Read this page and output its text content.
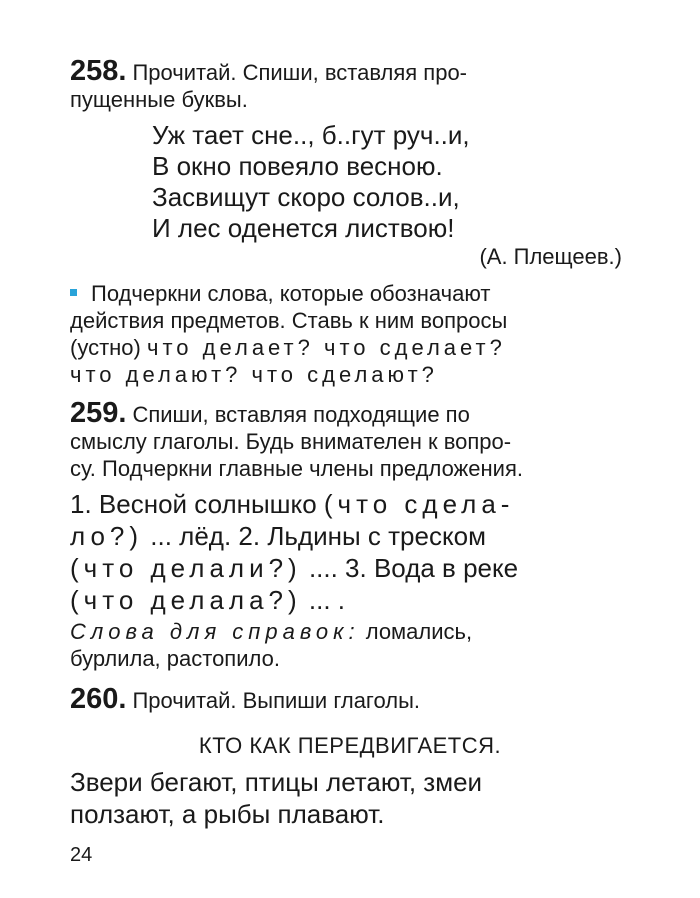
258. Прочитай. Спиши, вставляя про-
пущенные буквы.
Уж тает сне.., б..гут руч..и,
В окно повеяло весною.
Засвищут скоро солов..и,
И лес оденется листвою!
(А. Плещеев.)
Подчеркни слова, которые обозначают
действия предметов. Ставь к ним вопросы
(устно) что делает? что сделает?
что делают? что сделают?
259. Спиши, вставляя подходящие по
смыслу глаголы. Будь внимателен к вопро-
су. Подчеркни главные члены предложения.
1. Весной солнышко (что сдела-
ло?) ... лёд. 2. Льдины с треском
(что делали?) .... 3. Вода в реке
(что делала?) ... .
Слова для справок: ломались,
бурлила, растопило.
260. Прочитай. Выпиши глаголы.
КТО КАК ПЕРЕДВИГАЕТСЯ.
Звери бегают, птицы летают, змеи
ползают, а рыбы плавают.
24
